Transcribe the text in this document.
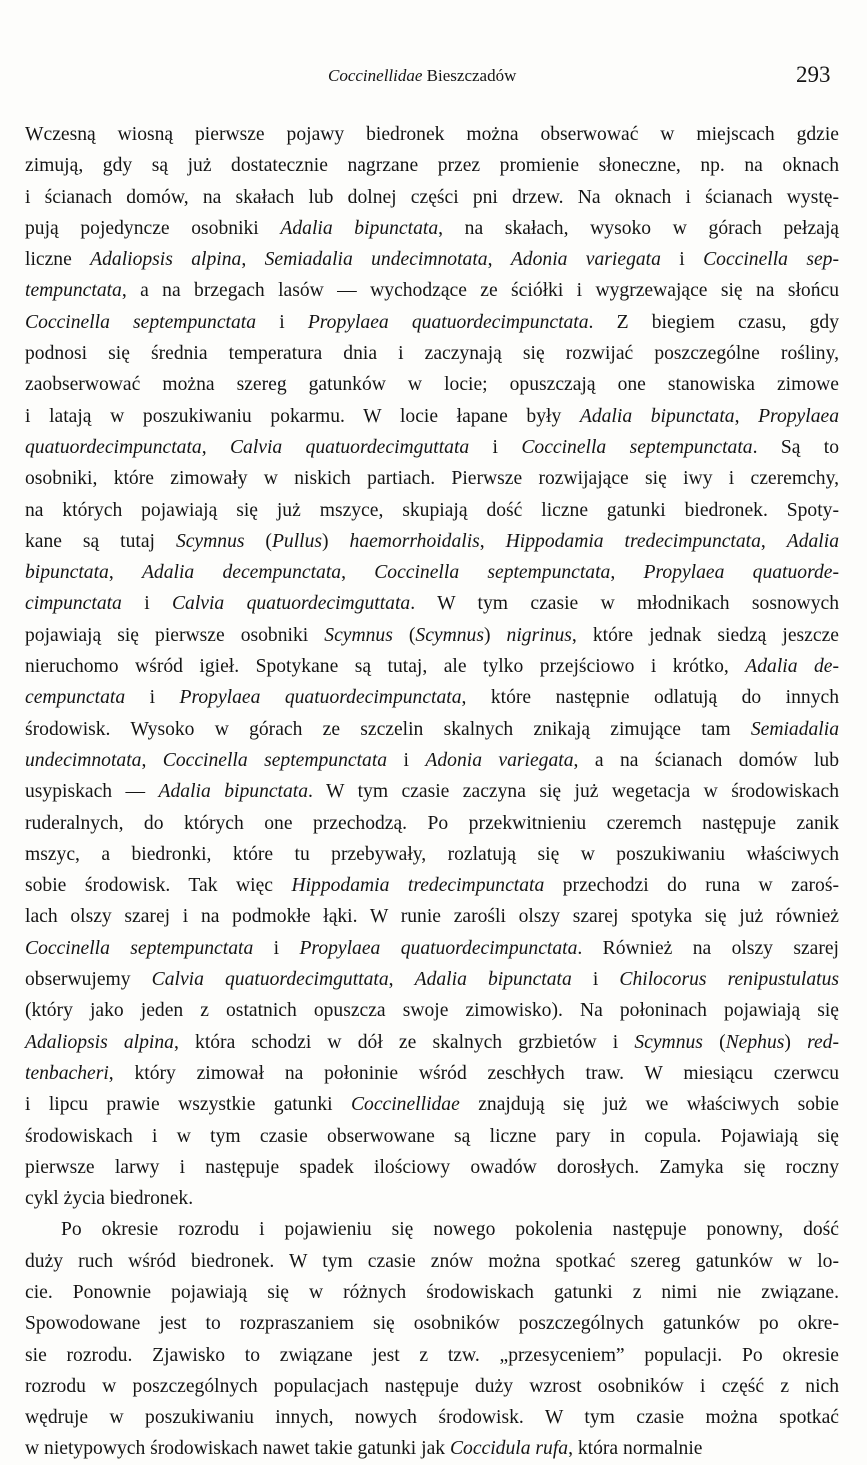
Coccinellidae Bieszczadów	293
Wczesną wiosną pierwsze pojawy biedronek można obserwować w miejscach gdzie
zimują, gdy są już dostatecznie nagrzane przez promienie słoneczne, np. na oknach
i ścianach domów, na skałach lub dolnej części pni drzew. Na oknach i ścianach wystę-
pują pojedyncze osobniki Adalia bipunctata, na skałach, wysoko w górach pełzają
liczne Adaliopsis alpina, Semiadalia undecimnotata, Adonia variegata i Coccinella sep-
tempunctata, a na brzegach lasów — wychodzące ze ściółki i wygrzewające się na słońcu
Coccinella septempunctata i Propylaea quatuordecimpunctata. Z biegiem czasu, gdy
podnosi się średnia temperatura dnia i zaczynają się rozwijać poszczególne rośliny,
zaobserwować można szereg gatunków w locie; opuszczają one stanowiska zimowe
i latają w poszukiwaniu pokarmu. W locie łapane były Adalia bipunctata, Propylaea
quatuordecimpunctata, Calvia quatuordecimguttata i Coccinella septempunctata. Są to
osobniki, które zimowały w niskich partiach. Pierwsze rozwijające się iwy i czeremchy,
na których pojawiają się już mszyce, skupiają dość liczne gatunki biedronek. Spoty-
kane są tutaj Scymnus (Pullus) haemorrhoidalis, Hippodamia tredecimpunctata, Adalia
bipunctata, Adalia decempunctata, Coccinella septempunctata, Propylaea quatuorde-
cimpunctata i Calvia quatuordecimguttata. W tym czasie w młodnikach sosnowych
pojawiają się pierwsze osobniki Scymnus (Scymnus) nigrinus, które jednak siedzą jeszcze
nieruchomo wśród igieł. Spotykane są tutaj, ale tylko przejściowo i krótko, Adalia de-
cempunctata i Propylaea quatuordecimpunctata, które następnie odlatują do innych
środowisk. Wysoko w górach ze szczelin skalnych znikają zimujące tam Semiadalia
undecimnotata, Coccinella septempunctata i Adonia variegata, a na ścianach domów lub
usypiskach — Adalia bipunctata. W tym czasie zaczyna się już wegetacja w środowiskach
ruderalnych, do których one przechodzą. Po przekwitnieniu czeremch następuje zanik
mszyc, a biedronki, które tu przebywały, rozlatują się w poszukiwaniu właściwych
sobie środowisk. Tak więc Hippodamia tredecimpunctata przechodzi do runa w zaroś-
lach olszy szarej i na podmokłe łąki. W runie zarośli olszy szarej spotyka się już również
Coccinella septempunctata i Propylaea quatuordecimpunctata. Również na olszy szarej
obserwujemy Calvia quatuordecimguttata, Adalia bipunctata i Chilocorus renipustulatus
(który jako jeden z ostatnich opuszcza swoje zimowisko). Na połoninach pojawiają się
Adaliopsis alpina, która schodzi w dół ze skalnych grzbietów i Scymnus (Nephus) red-
tenbacheri, który zimował na połoninie wśród zeschłych traw. W miesiącu czerwcu
i lipcu prawie wszystkie gatunki Coccinellidae znajdują się już we właściwych sobie
środowiskach i w tym czasie obserwowane są liczne pary in copula. Pojawiają się
pierwsze larwy i następuje spadek ilościowy owadów dorosłych. Zamyka się roczny
cykl życia biedronek.
Po okresie rozrodu i pojawieniu się nowego pokolenia następuje ponowny, dość
duży ruch wśród biedronek. W tym czasie znów można spotkać szereg gatunków w lo-
cie. Ponownie pojawiają się w różnych środowiskach gatunki z nimi nie związane.
Spowodowane jest to rozpraszaniem się osobników poszczególnych gatunków po okre-
sie rozrodu. Zjawisko to związane jest z tzw. „przesyceniem” populacji. Po okresie
rozrodu w poszczególnych populacjach następuje duży wzrost osobników i część z nich
wędruje w poszukiwaniu innych, nowych środowisk. W tym czasie można spotkać
w nietypowych środowiskach nawet takie gatunki jak Coccidula rufa, która normalnie
